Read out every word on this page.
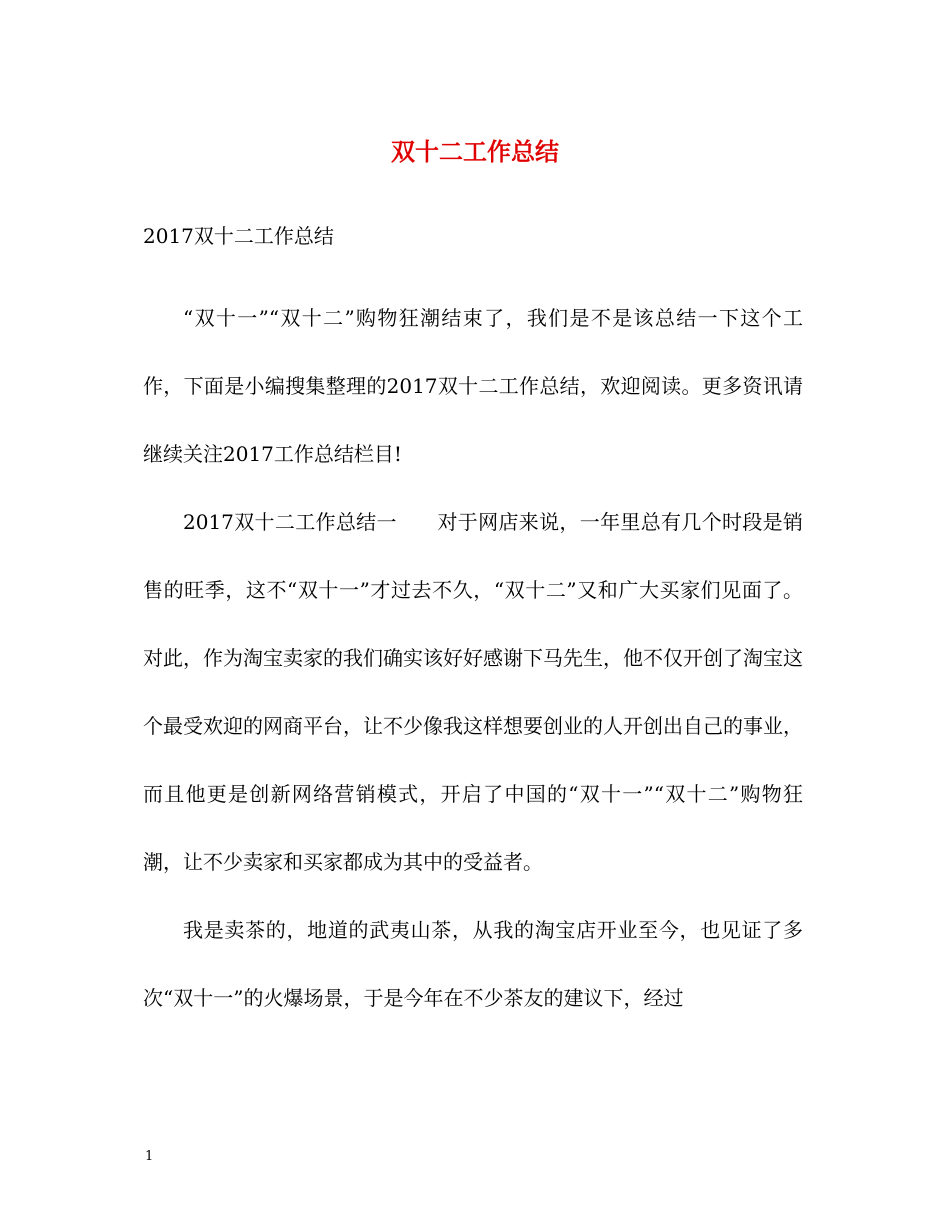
双十二工作总结
2017双十二工作总结

“双十一”“双十二”购物狂潮结束了，我们是不是该总结一下这个工作，下面是小编搜集整理的2017双十二工作总结，欢迎阅读。更多资讯请继续关注2017工作总结栏目!

2017双十二工作总结一　　对于网店来说，一年里总有几个时段是销售的旺季，这不“双十一”才过去不久，“双十二”又和广大买家们见面了。对此，作为淘宝卖家的我们确实该好好感谢下马先生，他不仅开创了淘宝这个最受欢迎的网商平台，让不少像我这样想要创业的人开创出自己的事业，而且他更是创新网络营销模式，开启了中国的“双十一”“双十二”购物狂潮，让不少卖家和买家都成为其中的受益者。

我是卖茶的，地道的武夷山茶，从我的淘宝店开业至今，也见证了多次“双十一”的火爆场景，于是今年在不少茶友的建议下，经过

1
